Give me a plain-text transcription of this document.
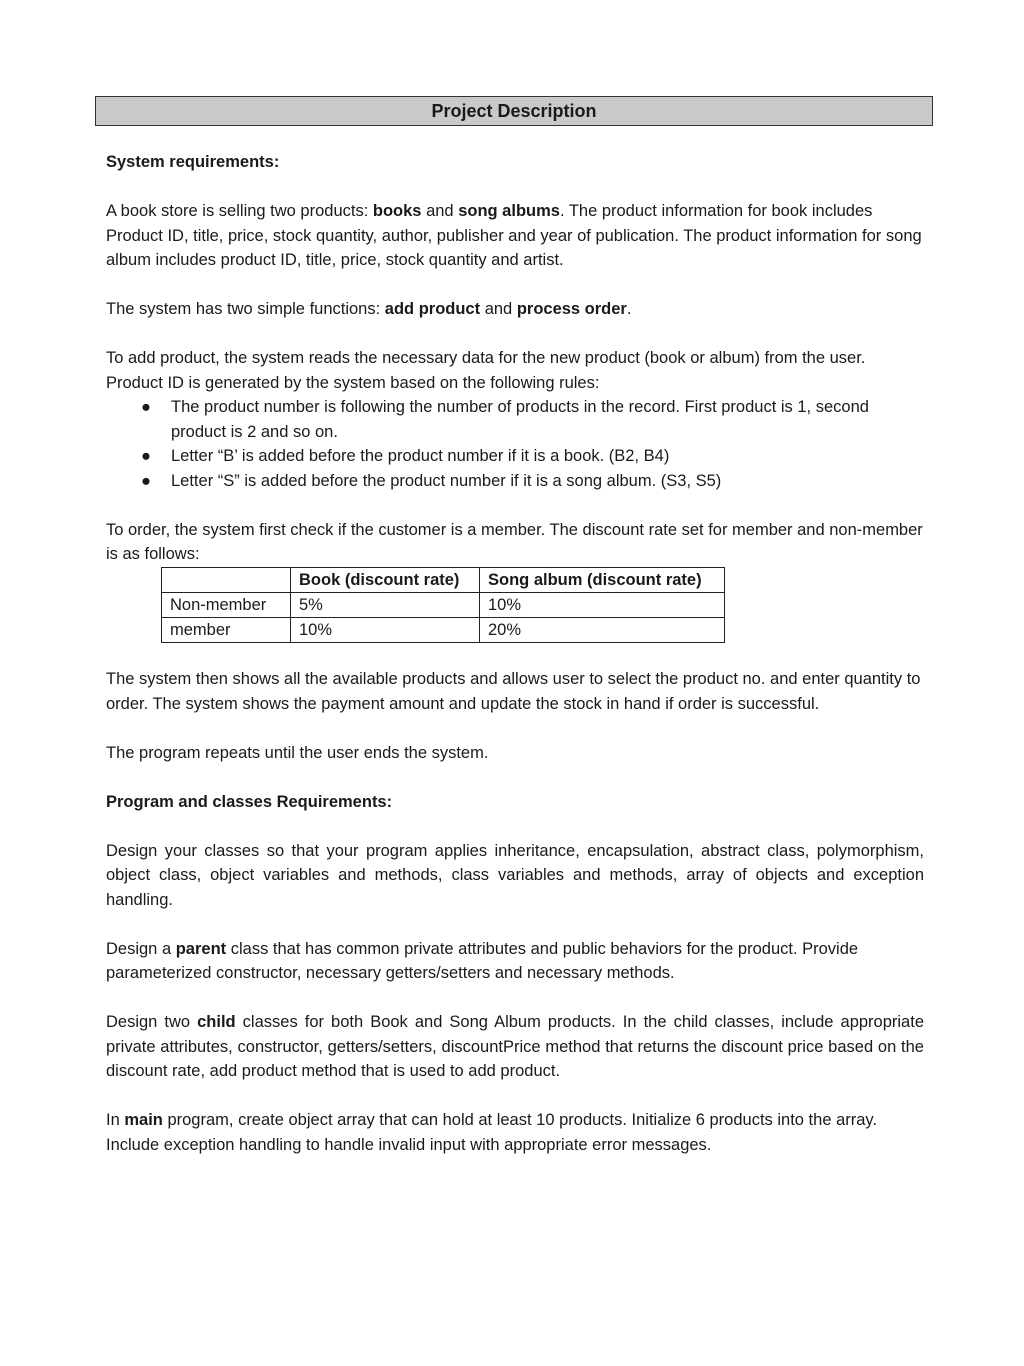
Project Description

System requirements:

A book store is selling two products: books and song albums. The product information for book includes Product ID, title, price, stock quantity, author, publisher and year of publication. The product information for song album includes product ID, title, price, stock quantity and artist.

The system has two simple functions: add product and process order.

To add product, the system reads the necessary data for the new product (book or album) from the user. Product ID is generated by the system based on the following rules:

● The product number is following the number of products in the record. First product is 1, second product is 2 and so on.
● Letter “B’ is added before the product number if it is a book. (B2, B4)
● Letter “S” is added before the product number if it is a song album. (S3, S5)

To order, the system first check if the customer is a member. The discount rate set for member and non-member is as follows:

	Book (discount rate)	Song album (discount rate)
Non-member	5%	10%
member	10%	20%

The system then shows all the available products and allows user to select the product no. and enter quantity to order. The system shows the payment amount and update the stock in hand if order is successful.

The program repeats until the user ends the system.

Program and classes Requirements:

Design your classes so that your program applies inheritance, encapsulation, abstract class, polymorphism, object class, object variables and methods, class variables and methods, array of objects and exception handling.

Design a parent class that has common private attributes and public behaviors for the product. Provide parameterized constructor, necessary getters/setters and necessary methods.

Design two child classes for both Book and Song Album products. In the child classes, include appropriate private attributes, constructor, getters/setters, discountPrice method that returns the discount price based on the discount rate, add product method that is used to add product.

In main program, create object array that can hold at least 10 products. Initialize 6 products into the array. Include exception handling to handle invalid input with appropriate error messages.
